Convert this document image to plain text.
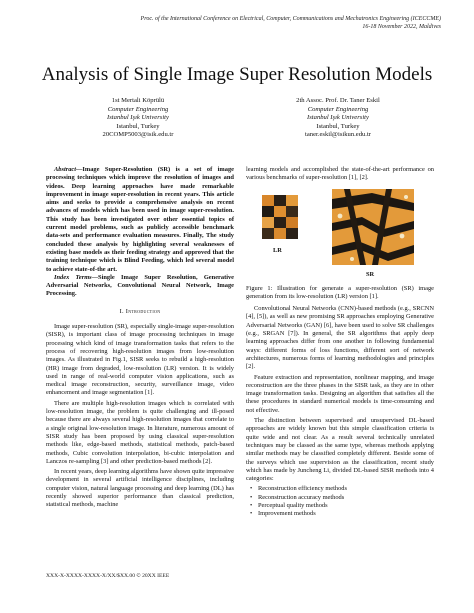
Proc. of the International Conference on Electrical, Computer, Communications and Mechatronics Engineering (ICECCME)
16-18 November 2022, Maldives
Analysis of Single Image Super Resolution Models
1st Mertali Köprülü
Computer Engineering
Istanbul Işık University
Istanbul, Turkey
20COMP5003@isik.edu.tr
2th Assoc. Prof. Dr. Taner Eskil
Computer Engineering
Istanbul Işık University
Istanbul, Turkey
taner.eskil@isikun.edu.tr

Abstract—Image Super-Resolution (SR) is a set of image processing techniques which improve the resolution of images and videos. Deep learning approaches have made remarkable improvement in image super-resolution in recent years. This article aims and seeks to provide a comprehensive analysis on recent advances of models which has been used in image super-resolution. This study has been investigated over other essential topics of current model problems, such as publicly accessible benchmark data-sets and performance evaluation measures. Finally, The study concluded these analysis by highlighting several weaknesses of existing base models as their feeding strategy and approved that the training technique which is Blind Feeding, which led several model to achieve state-of-the art.

Index Terms—Single Image Super Resolution, Generative Adversarial Networks, Convolutional Neural Network, Image Processing.

I. Introduction

Image super-resolution (SR), especially single-image super-resolution (SISR), is important class of image processing techniques in image processing which kind of image transformation tasks that refers to the process of recovering high-resolution images from low-resolution images. As illustrated in Fig.1, SISR seeks to rebuild a high-resolution (HR) image from degraded, low-resolution (LR) version. It is widely used in range of real-world computer vision applications, such as medical image reconstruction, security, surveillance image, video enhancement and image segmentation [1].

There are multiple high-resolution images which is correlated with low-resolution image, the problem is quite challenging and ill-posed because there are always several high-resolution images that correlate to a single original low-resolution image. In literature, numerous amount of SISR study has been proposed by using classical super-resolution methods like, edge-based methods, statistical methods, patch-based methods, Cubic convolution interpolation, bi-cubic interpolation and Lanczos re-sampling [3] and other prediction-based methods [2].

In recent years, deep learning algorithms have shown quite impressive development in several artificial intelligence disciplines, including computer vision, natural language processing and deep learning (DL) has recently showed superior performance than classical prediction, statistical methods, machine

learning models and accomplished the state-of-the-art performance on various benchmarks of super-resolution [1], [2].

LR
SR

Figure 1: Illustration for generate a super-resolution (SR) image generation from its low-resolution (LR) version [1].

Convolutional Neural Networks (CNN)-based methods (e.g., SRCNN [4], [5]), as well as new promising SR approaches employing Generative Adversarial Networks (GAN) [6], have been used to solve SR challenges (e.g., SRGAN [7]). In general, the SR algorithms that apply deep learning approaches differ from one another in following fundamental ways: different forms of loss functions, different sort of network architectures, numerous forms of learning methodologies and principles [2].

Feature extraction and representation, nonlinear mapping, and image reconstruction are the three phases in the SISR task, as they are in other image transformation tasks. Designing an algorithm that satisfies all the these procedures in standard numerical models is time-consuming and not effective.

The distinction between supervised and unsupervised DL-based approaches are widely known but this simple classification criteria is quite wide and not clear. As a result several technically unrelated techniques may be classed as the same type, whereas methods applying similar methods may be classified completely different. Beside some of the surveys which use supervision as the classification, recent study which has made by Juncheng Li, divided DL-based SISR methods into 4 categories:

• Reconstruction efficiency methods
• Reconstruction accuracy methods
• Perceptual quality methods
• Improvement methods
XXX-X-XXXX-XXXX-X/XX/$XX.00 © 20XX IEEE
